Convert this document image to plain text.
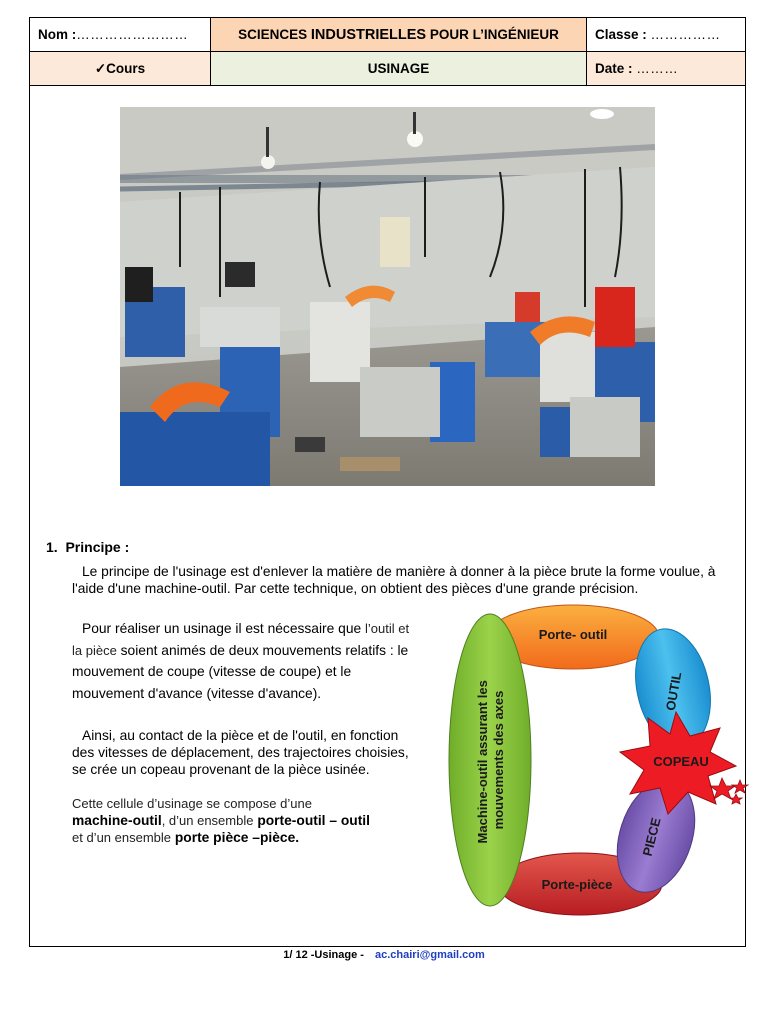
Nom :……………………	SCIENCES INDUSTRIELLES POUR L’INGÉNIEUR	Classe : ……………
✓Cours	USINAGE	Date : ………
1. Principe :

Le principe de l'usinage est d'enlever la matière de manière à donner à la pièce brute la forme voulue, à l'aide d'une machine-outil. Par cette technique, on obtient des pièces d'une grande précision.

Pour réaliser un usinage il est nécessaire que l’outil et la pièce soient animés de deux mouvements relatifs : le mouvement de coupe (vitesse de coupe) et le mouvement d'avance (vitesse d'avance).

Ainsi, au contact de la pièce et de l'outil, en fonction des vitesses de déplacement, des trajectoires choisies, se crée un copeau provenant de la pièce usinée.

Cette cellule d’usinage se compose d’une
machine-outil, d’un ensemble porte-outil – outil
et d’un ensemble porte pièce –pièce.

Porte-pièce
Porte- outil
OUTIL
PIECE
COPEAU
Machine-outil assurant les mouvements des axes
1/ 12 -Usinage - ac.chairi@gmail.com
